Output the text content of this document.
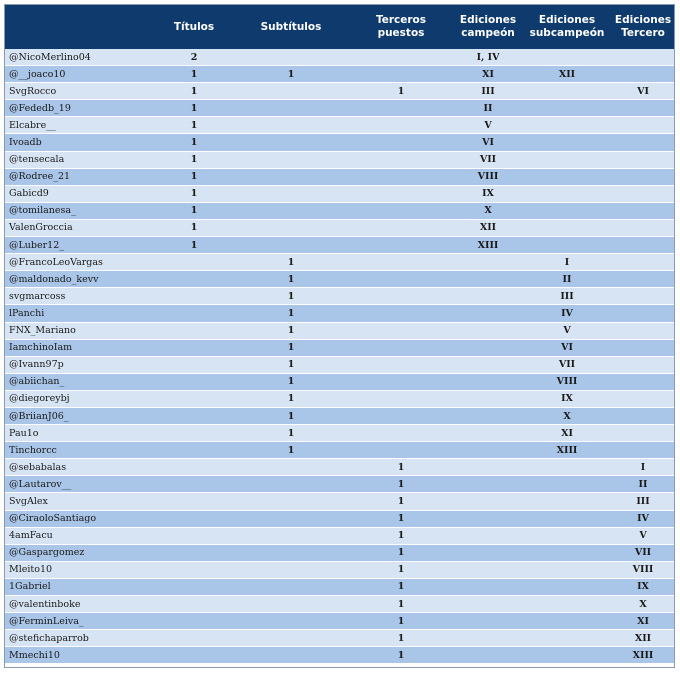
	Títulos	Subtítulos	Terceros puestos	Ediciones campeón	Ediciones subcampeón	Ediciones Tercero
@NicoMerlino04	2			I, IV		
@__joaco10	1	1		XI	XII	
SvgRocco	1		1	III		VI
@Fededb_19	1			II		
Elcabre__	1			V		
Ivoadb	1			VI		
@tensecala	1			VII		
@Rodree_21	1			VIII		
Gabicd9	1			IX		
@tomilanesa_	1			X		
ValenGroccia	1			XII		
@Luber12_	1			XIII		
@FrancoLeoVargas		1			I	
@maldonado_kevv		1			II	
svgmarcoss		1			III	
lPanchi		1			IV	
FNX_Mariano		1			V	
IamchinoIam		1			VI	
@Ivann97p		1			VII	
@abiichan_		1			VIII	
@diegoreybj		1			IX	
@BriianJ06_		1			X	
Pau1o		1			XI	
Tinchorcc		1			XIII	
@sebabalas			1			I
@Lautarov__			1			II
SvgAlex			1			III
@CiraoloSantiago			1			IV
4amFacu			1			V
@Gaspargomez			1			VII
Mleito10			1			VIII
1Gabriel			1			IX
@valentinboke			1			X
@FerminLeiva_			1			XI
@stefichaparrob			1			XII
Mmechi10			1			XIII
